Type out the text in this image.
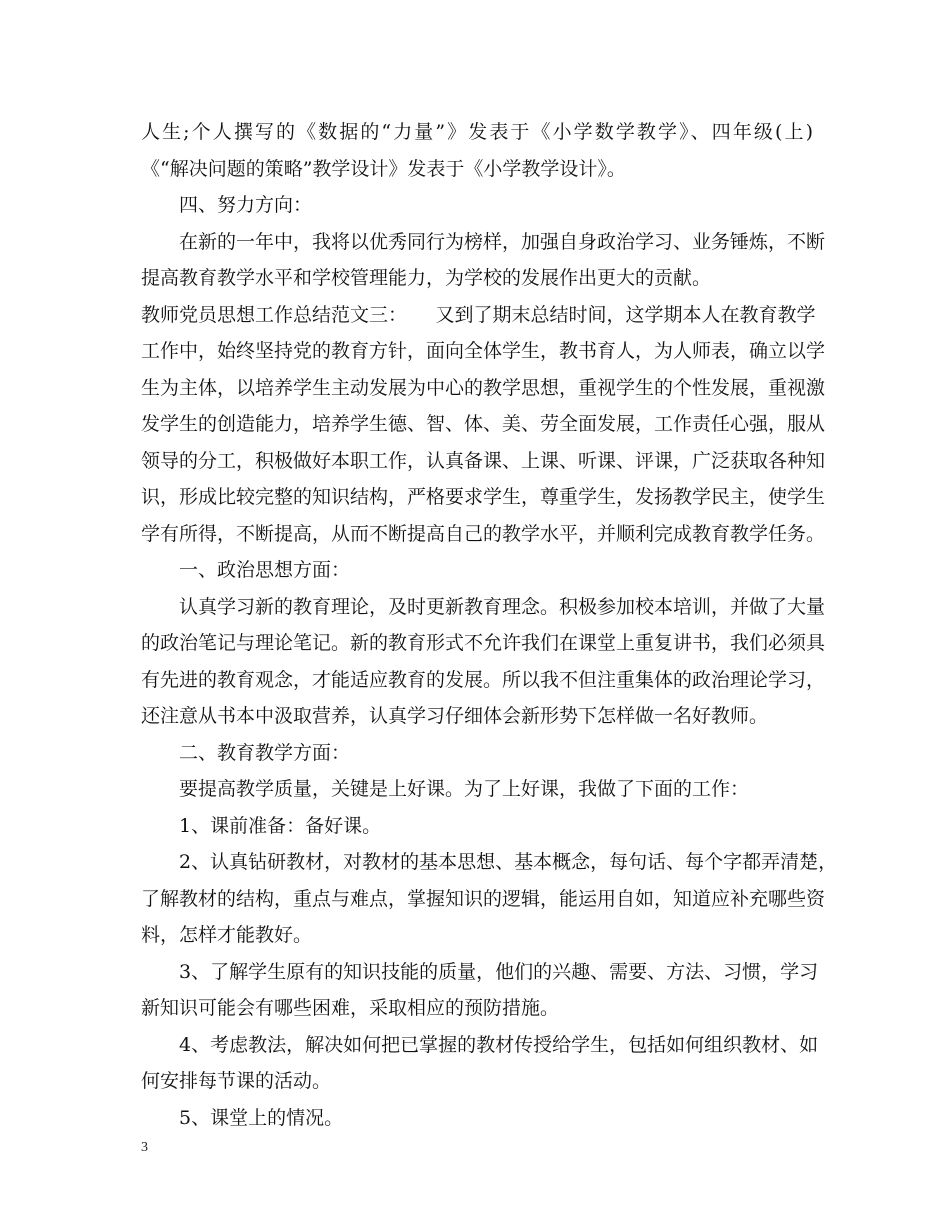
人生;个人撰写的《数据的“力量”》发表于《小学数学教学》、四年级(上)
《“解决问题的策略”教学设计》发表于《小学教学设计》。
四、努力方向：
在新的一年中，我将以优秀同行为榜样，加强自身政治学习、业务锤炼，不断
提高教育教学水平和学校管理能力，为学校的发展作出更大的贡献。
教师党员思想工作总结范文三：　　又到了期末总结时间，这学期本人在教育教学
工作中，始终坚持党的教育方针，面向全体学生，教书育人，为人师表，确立以学
生为主体，以培养学生主动发展为中心的教学思想，重视学生的个性发展，重视激
发学生的创造能力，培养学生德、智、体、美、劳全面发展，工作责任心强，服从
领导的分工，积极做好本职工作，认真备课、上课、听课、评课，广泛获取各种知
识，形成比较完整的知识结构，严格要求学生，尊重学生，发扬教学民主，使学生
学有所得，不断提高，从而不断提高自己的教学水平，并顺利完成教育教学任务。
一、政治思想方面：
认真学习新的教育理论，及时更新教育理念。积极参加校本培训，并做了大量
的政治笔记与理论笔记。新的教育形式不允许我们在课堂上重复讲书，我们必须具
有先进的教育观念，才能适应教育的发展。所以我不但注重集体的政治理论学习，
还注意从书本中汲取营养，认真学习仔细体会新形势下怎样做一名好教师。
二、教育教学方面：
要提高教学质量，关键是上好课。为了上好课，我做了下面的工作：
1、课前准备：备好课。
2、认真钻研教材，对教材的基本思想、基本概念，每句话、每个字都弄清楚，
了解教材的结构，重点与难点，掌握知识的逻辑，能运用自如，知道应补充哪些资
料，怎样才能教好。
3、了解学生原有的知识技能的质量，他们的兴趣、需要、方法、习惯，学习
新知识可能会有哪些困难，采取相应的预防措施。
4、考虑教法，解决如何把已掌握的教材传授给学生，包括如何组织教材、如
何安排每节课的活动。
5、课堂上的情况。
3
